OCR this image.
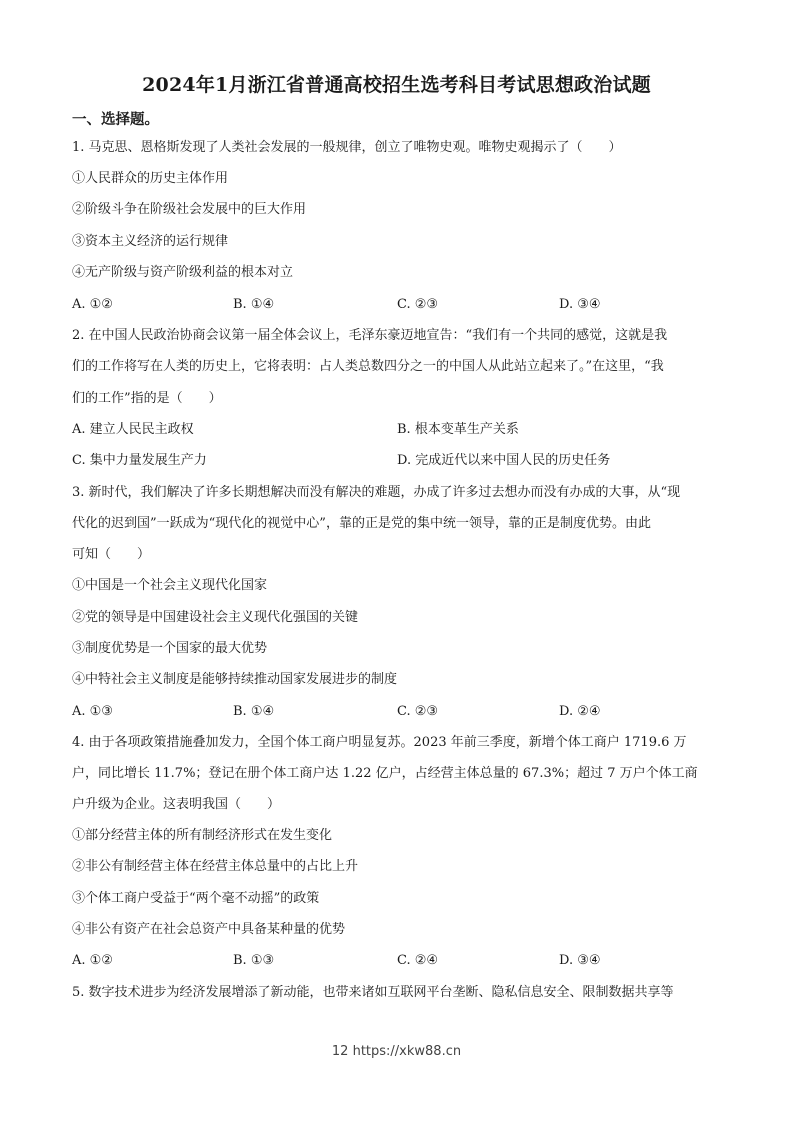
2024年1月浙江省普通高校招生选考科目考试思想政治试题
一、选择题。
1. 马克思、恩格斯发现了人类社会发展的一般规律，创立了唯物史观。唯物史观揭示了（　　）
①人民群众的历史主体作用
②阶级斗争在阶级社会发展中的巨大作用
③资本主义经济的运行规律
④无产阶级与资产阶级利益的根本对立
A. ①②	B. ①④	C. ②③	D. ③④
2. 在中国人民政治协商会议第一届全体会议上，毛泽东豪迈地宣告：“我们有一个共同的感觉，这就是我
们的工作将写在人类的历史上，它将表明：占人类总数四分之一的中国人从此站立起来了。”在这里，“我
们的工作”指的是（　　）
A. 建立人民民主政权	B. 根本变革生产关系
C. 集中力量发展生产力	D. 完成近代以来中国人民的历史任务
3. 新时代，我们解决了许多长期想解决而没有解决的难题，办成了许多过去想办而没有办成的大事，从“现
代化的迟到国”一跃成为“现代化的视觉中心”，靠的正是党的集中统一领导，靠的正是制度优势。由此
可知（　　）
①中国是一个社会主义现代化国家
②党的领导是中国建设社会主义现代化强国的关键
③制度优势是一个国家的最大优势
④中特社会主义制度是能够持续推动国家发展进步的制度
A. ①③	B. ①④	C. ②③	D. ②④
4. 由于各项政策措施叠加发力，全国个体工商户明显复苏。2023 年前三季度，新增个体工商户 1719.6 万
户，同比增长 11.7%；登记在册个体工商户达 1.22 亿户，占经营主体总量的 67.3%；超过 7 万户个体工商
户升级为企业。这表明我国（　　）
①部分经营主体的所有制经济形式在发生变化
②非公有制经营主体在经营主体总量中的占比上升
③个体工商户受益于“两个毫不动摇”的政策
④非公有资产在社会总资产中具备某种量的优势
A. ①②	B. ①③	C. ②④	D. ③④
5. 数字技术进步为经济发展增添了新动能，也带来诸如互联网平台垄断、隐私信息安全、限制数据共享等
12 https://xkw88.cn
